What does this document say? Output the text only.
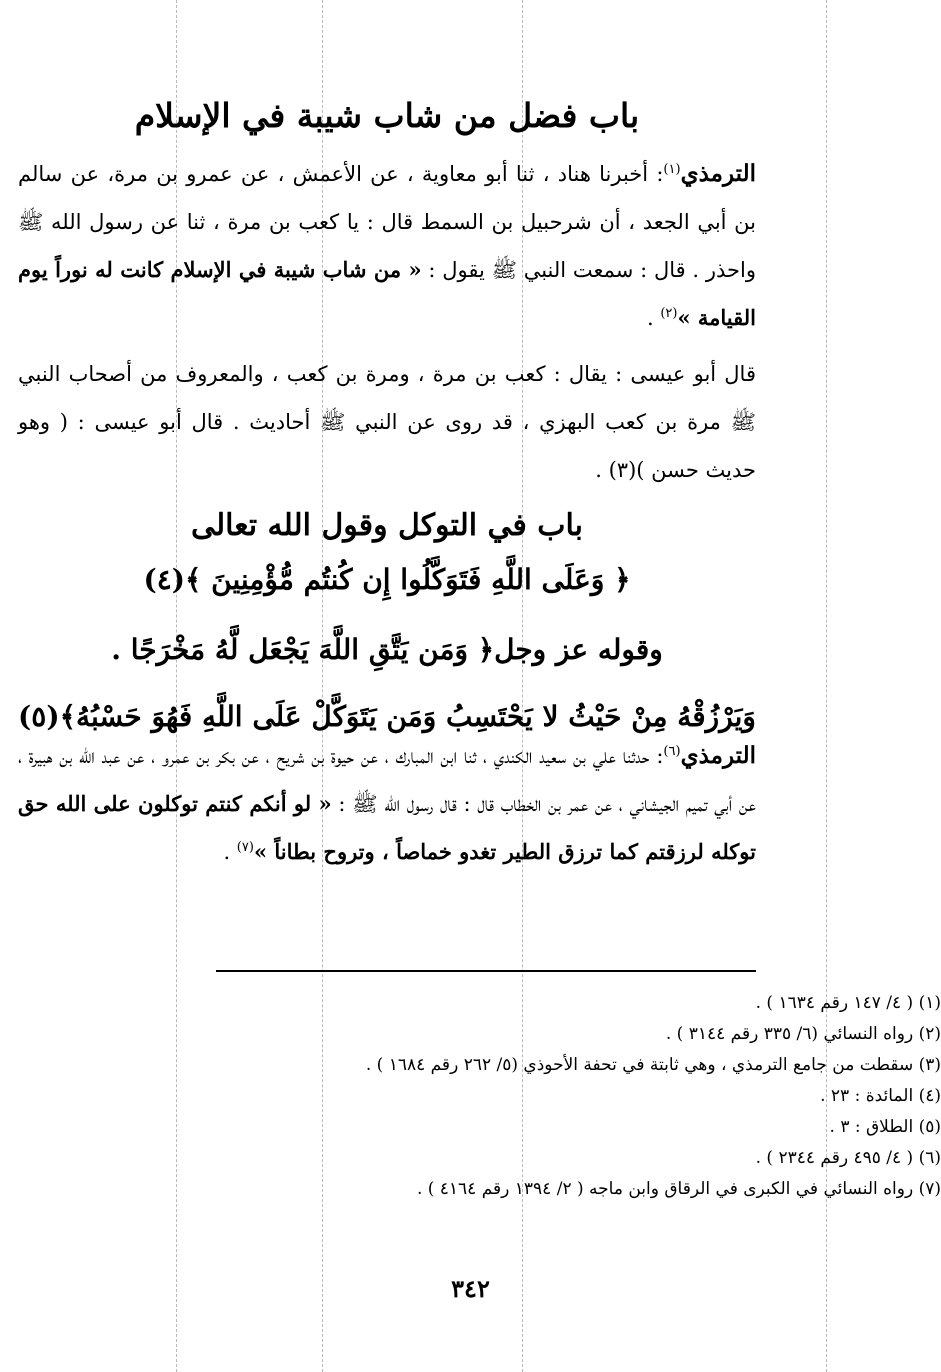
باب فضل من شاب شيبة في الإسلام
الترمذي$^{(١)}$: أخبرنا هناد ، ثنا أبو معاوية ، عن الأعمش ، عن عمرو بن مرة، عن سالم بن أبي الجعد ، أن شرحبيل بن السمط قال : يا كعب بن مرة ، ثنا عن رسول الله ﷺ واحذر . قال : سمعت النبي ﷺ يقول : « من شاب شيبة في الإسلام كانت له نوراً يوم القيامة »$^{(٢)}$ .
قال أبو عيسى : يقال : كعب بن مرة ، ومرة بن كعب ، والمعروف من أصحاب النبي ﷺ مرة بن كعب البهزي ، قد روى عن النبي ﷺ أحاديث . قال أبو عيسى : ( وهو حديث حسن )(٣) .
باب في التوكل وقول الله تعالى
﴿ وَعَلَى اللَّهِ فَتَوَكَّلُوا إِن كُنتُم مُّؤْمِنِينَ ﴾(٤)
وقوله عز وجل﴿ وَمَن يَتَّقِ اللَّهَ يَجْعَل لَّهُ مَخْرَجًا .
وَيَرْزُقْهُ مِنْ حَيْثُ لا يَحْتَسِبُ وَمَن يَتَوَكَّلْ عَلَى اللَّهِ فَهُوَ حَسْبُهُ﴾(٥)
الترمذي$^{(٦)}$: حدثنا علي بن سعيد الكندي ، ثنا ابن المبارك ، عن حيوة بن شريح ، عن بكر بن عمرو ، عن عبد الله بن هبيرة ، عن أبي تميم الجيشاني ، عن عمر بن الخطاب قال : قال رسول الله ﷺ : « لو أنكم كنتم توكلون على الله حق توكله لرزقتم كما ترزق الطير تغدو خماصاً ، وتروح بطاناً »$^{(٧)}$ .
(١) ( ٤/ ١٤٧ رقم ١٦٣٤ ) .
(٢) رواه النسائي (٦/ ٣٣٥ رقم ٣١٤٤ ) .
(٣) سقطت من جامع الترمذي ، وهي ثابتة في تحفة الأحوذي (٥/ ٢٦٢ رقم ١٦٨٤ ) .
(٤) المائدة : ٢٣ .
(٥) الطلاق : ٣ .
(٦) ( ٤/ ٤٩٥ رقم ٢٣٤٤ ) .
(٧) رواه النسائي في الكبرى في الرقاق وابن ماجه ( ٢/ ١٣٩٤ رقم ٤١٦٤ ) .
٣٤٢
